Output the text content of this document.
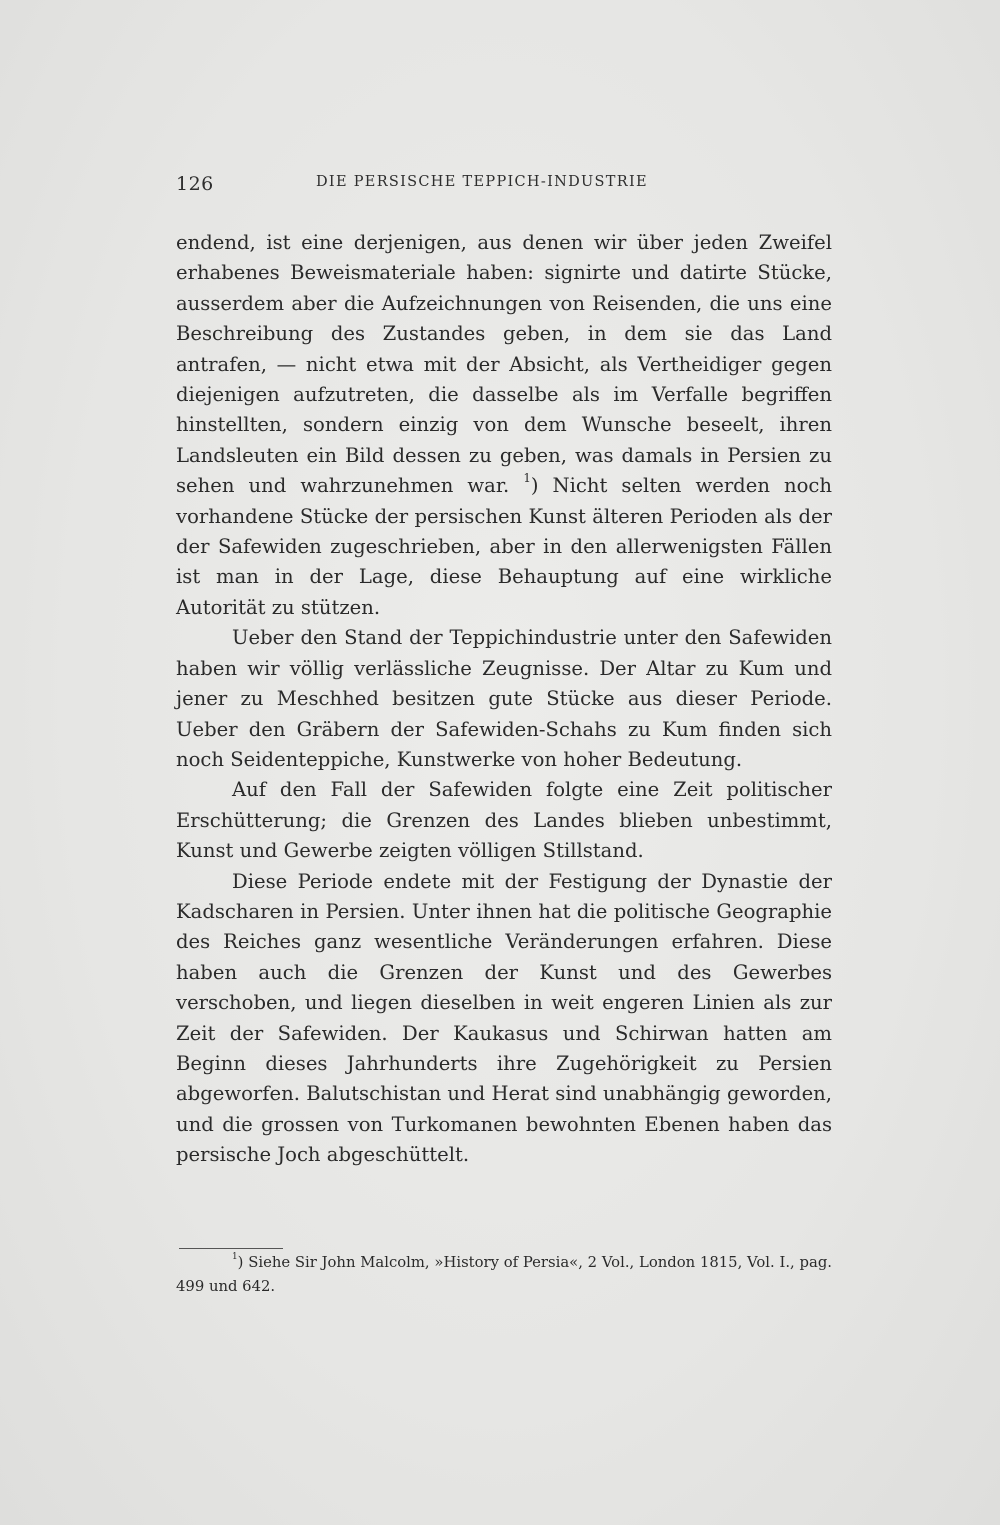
126	DIE PERSISCHE TEPPICH-INDUSTRIE

endend, ist eine derjenigen, aus denen wir über jeden Zweifel erhabenes Beweismateriale haben: signirte und datirte Stücke, ausserdem aber die Aufzeichnungen von Reisenden, die uns eine Beschreibung des Zustandes geben, in dem sie das Land antrafen, — nicht etwa mit der Absicht, als Vertheidiger gegen diejenigen aufzutreten, die dasselbe als im Verfalle begriffen hinstellten, sondern einzig von dem Wunsche beseelt, ihren Landsleuten ein Bild dessen zu geben, was damals in Persien zu sehen und wahrzunehmen war. $^1$) Nicht selten werden noch vorhandene Stücke der persischen Kunst älteren Perioden als der der Safewiden zugeschrieben, aber in den allerwenigsten Fällen ist man in der Lage, diese Behauptung auf eine wirkliche Autorität zu stützen.

Ueber den Stand der Teppichindustrie unter den Safewiden haben wir völlig verlässliche Zeugnisse. Der Altar zu Kum und jener zu Meschhed besitzen gute Stücke aus dieser Periode. Ueber den Gräbern der Safewiden-Schahs zu Kum finden sich noch Seidenteppiche, Kunstwerke von hoher Bedeutung.

Auf den Fall der Safewiden folgte eine Zeit politischer Erschütterung; die Grenzen des Landes blieben unbestimmt, Kunst und Gewerbe zeigten völligen Stillstand.

Diese Periode endete mit der Festigung der Dynastie der Kadscharen in Persien. Unter ihnen hat die politische Geographie des Reiches ganz wesentliche Veränderungen erfahren. Diese haben auch die Grenzen der Kunst und des Gewerbes verschoben, und liegen dieselben in weit engeren Linien als zur Zeit der Safewiden. Der Kaukasus und Schirwan hatten am Beginn dieses Jahrhunderts ihre Zugehörigkeit zu Persien abgeworfen. Balutschistan und Herat sind unabhängig geworden, und die grossen von Turkomanen bewohnten Ebenen haben das persische Joch abgeschüttelt.

$^1$) Siehe Sir John Malcolm, »History of Persia«, 2 Vol., London 1815, Vol. I., pag. 499 und 642.
